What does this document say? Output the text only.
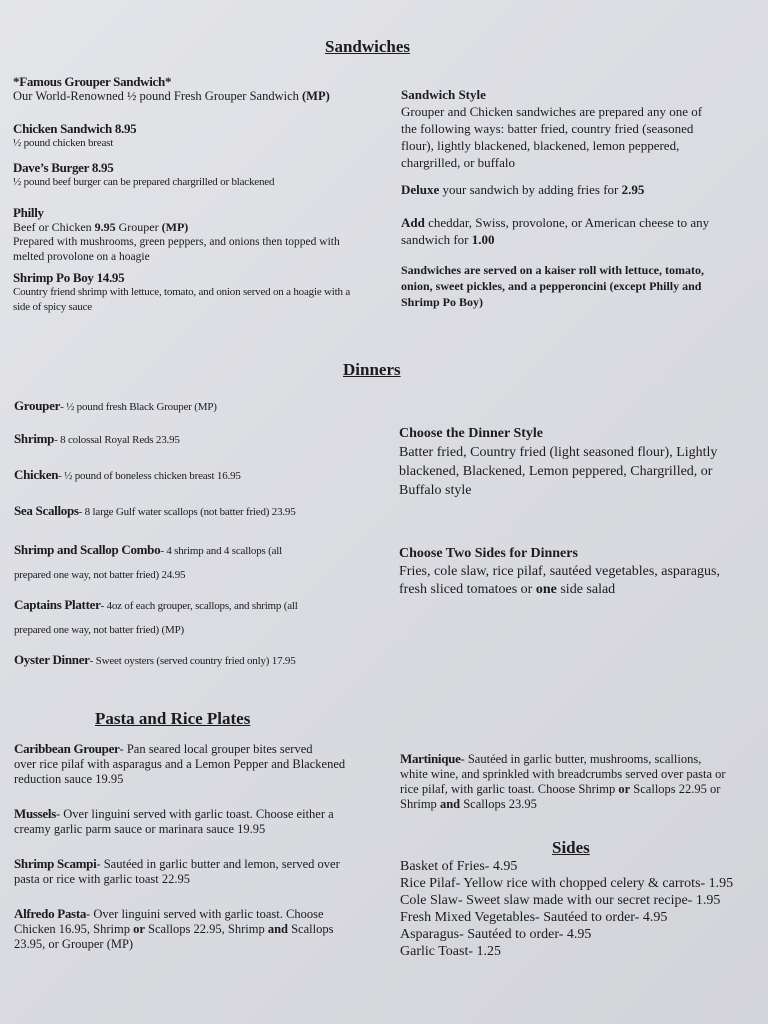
Sandwiches
*Famous Grouper Sandwich*
Our World-Renowned ½ pound Fresh Grouper Sandwich (MP)
Chicken Sandwich 8.95
½ pound chicken breast
Dave’s Burger 8.95
½ pound beef burger can be prepared chargrilled or blackened
Philly
Beef or Chicken 9.95 Grouper (MP)
Prepared with mushrooms, green peppers, and onions then topped with
melted provolone on a hoagie
Shrimp Po Boy 14.95
Country friend shrimp with lettuce, tomato, and onion served on a hoagie with a
side of spicy sauce
Sandwich Style
Grouper and Chicken sandwiches are prepared any one of
the following ways: batter fried, country fried (seasoned
flour), lightly blackened, blackened, lemon peppered,
chargrilled, or buffalo
Deluxe your sandwich by adding fries for 2.95
Add cheddar, Swiss, provolone, or American cheese to any
sandwich for 1.00
Sandwiches are served on a kaiser roll with lettuce, tomato,
onion, sweet pickles, and a pepperoncini (except Philly and
Shrimp Po Boy)
Dinners
Grouper- ½ pound fresh Black Grouper (MP)
Shrimp- 8 colossal Royal Reds 23.95
Chicken- ½ pound of boneless chicken breast 16.95
Sea Scallops- 8 large Gulf water scallops (not batter fried) 23.95
Shrimp and Scallop Combo- 4 shrimp and 4 scallops (all
prepared one way, not batter fried) 24.95
Captains Platter- 4oz of each grouper, scallops, and shrimp (all
prepared one way, not batter fried) (MP)
Oyster Dinner- Sweet oysters (served country fried only) 17.95
Choose the Dinner Style
Batter fried, Country fried (light seasoned flour), Lightly
blackened, Blackened, Lemon peppered, Chargrilled, or
Buffalo style
Choose Two Sides for Dinners
Fries, cole slaw, rice pilaf, sautéed vegetables, asparagus,
fresh sliced tomatoes or one side salad
Pasta and Rice Plates
Caribbean Grouper- Pan seared local grouper bites served
over rice pilaf with asparagus and a Lemon Pepper and Blackened
reduction sauce 19.95
Mussels- Over linguini served with garlic toast. Choose either a
creamy garlic parm sauce or marinara sauce 19.95
Shrimp Scampi- Sautéed in garlic butter and lemon, served over
pasta or rice with garlic toast 22.95
Alfredo Pasta- Over linguini served with garlic toast. Choose
Chicken 16.95, Shrimp or Scallops 22.95, Shrimp and Scallops
23.95, or Grouper (MP)
Martinique- Sautéed in garlic butter, mushrooms, scallions,
white wine, and sprinkled with breadcrumbs served over pasta or
rice pilaf, with garlic toast. Choose Shrimp or Scallops 22.95 or
Shrimp and Scallops 23.95
Sides
Basket of Fries- 4.95
Rice Pilaf- Yellow rice with chopped celery & carrots- 1.95
Cole Slaw- Sweet slaw made with our secret recipe- 1.95
Fresh Mixed Vegetables- Sautéed to order- 4.95
Asparagus- Sautéed to order- 4.95
Garlic Toast- 1.25
